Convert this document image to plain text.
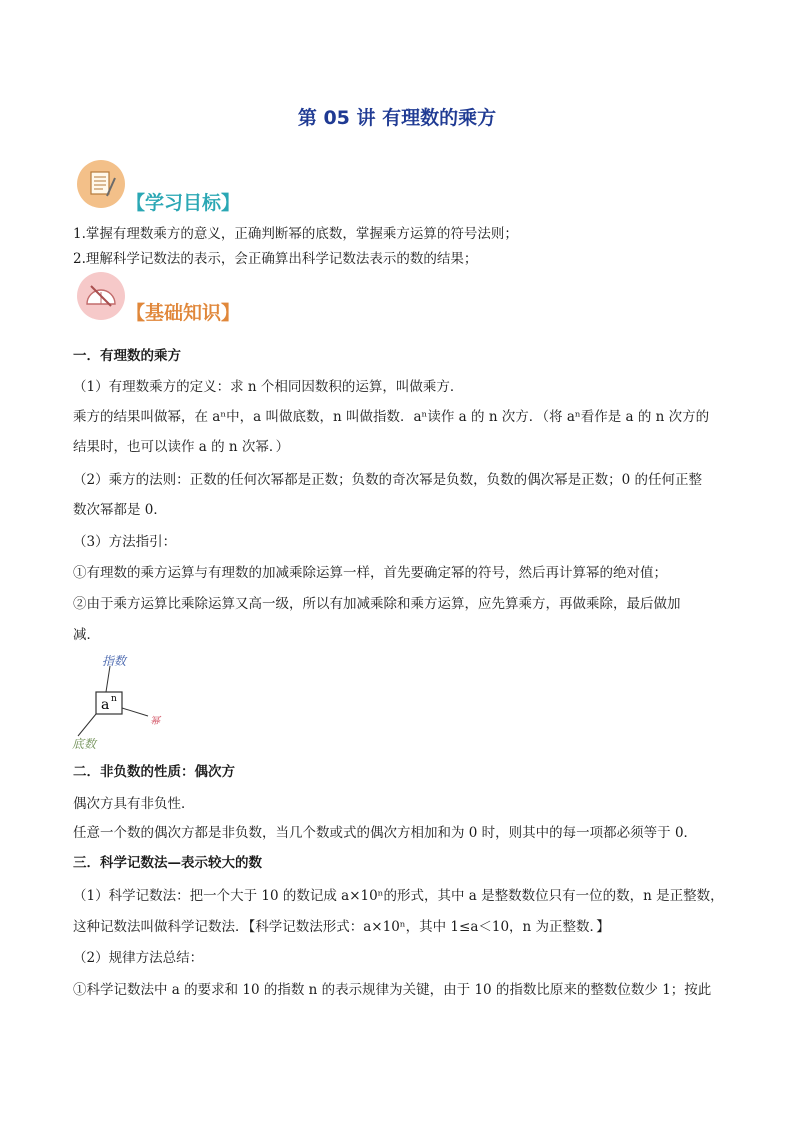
第 05 讲 有理数的乘方
【学习目标】
1.掌握有理数乘方的意义，正确判断幂的底数，掌握乘方运算的符号法则；
2.理解科学记数法的表示，会正确算出科学记数法表示的数的结果；
【基础知识】
一．有理数的乘方
（1）有理数乘方的定义：求 n 个相同因数积的运算，叫做乘方．
乘方的结果叫做幂，在 aⁿ中，a 叫做底数，n 叫做指数．aⁿ读作 a 的 n 次方．（将 aⁿ看作是 a 的 n 次方的
结果时，也可以读作 a 的 n 次幂．）
（2）乘方的法则：正数的任何次幂都是正数；负数的奇次幂是负数，负数的偶次幂是正数；0 的任何正整
数次幂都是 0．
（3）方法指引：
①有理数的乘方运算与有理数的加减乘除运算一样，首先要确定幂的符号，然后再计算幂的绝对值；
②由于乘方运算比乘除运算又高一级，所以有加减乘除和乘方运算，应先算乘方，再做乘除，最后做加
减．
a n
指数
幂
底数
二．非负数的性质：偶次方
偶次方具有非负性．
任意一个数的偶次方都是非负数，当几个数或式的偶次方相加和为 0 时，则其中的每一项都必须等于 0．
三．科学记数法—表示较大的数
（1）科学记数法：把一个大于 10 的数记成 a×10ⁿ的形式，其中 a 是整数数位只有一位的数，n 是正整数，
这种记数法叫做科学记数法．【科学记数法形式：a×10ⁿ，其中 1≤a＜10，n 为正整数．】
（2）规律方法总结：
①科学记数法中 a 的要求和 10 的指数 n 的表示规律为关键，由于 10 的指数比原来的整数位数少 1；按此
